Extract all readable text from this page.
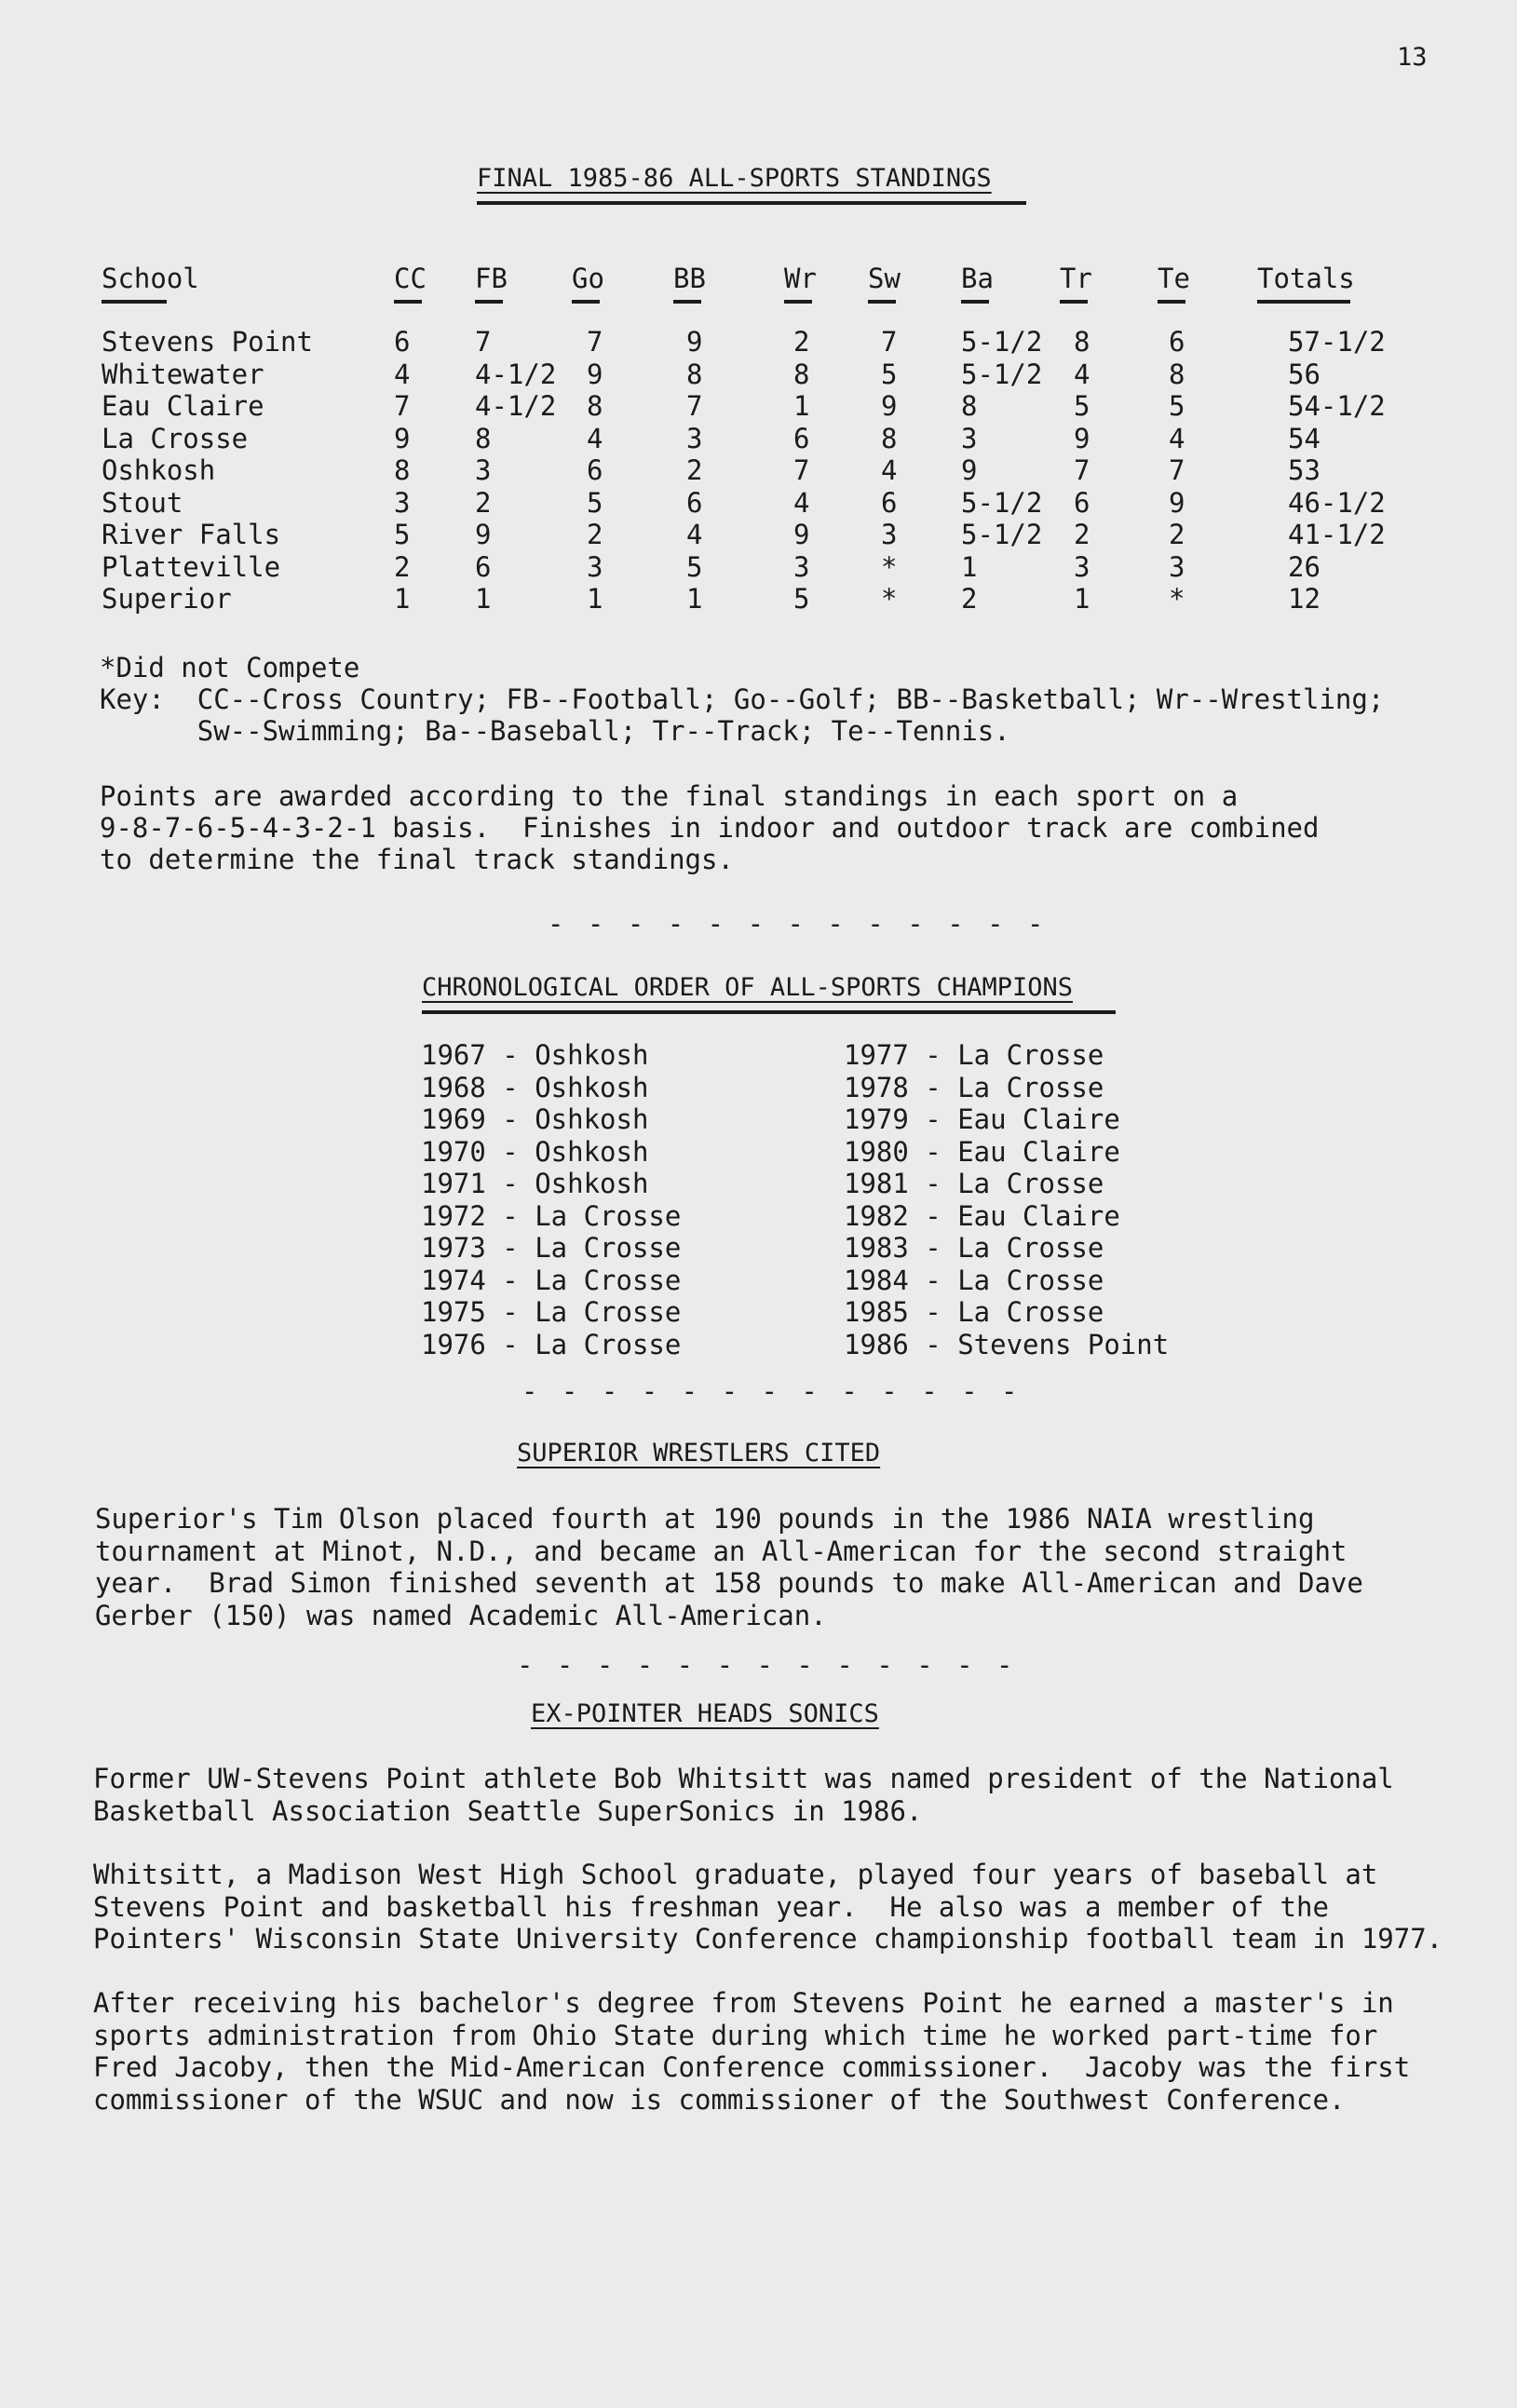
13
FINAL 1985-86 ALL-SPORTS STANDINGS
School	CC FB Go	BB	Wr Sw Ba Tr Te Totals
Stevens Point	6 7	7	9	2	7 5-1/2 8	6	57-1/2
Whitewater	4 4-1/2 9	8	8	5 5-1/2 4	8	56
Eau Claire	7 4-1/2 8	7	1	9 8	5	5	54-1/2
La Crosse	9 8	4	3	6	8 3	9	4	54
Oshkosh	8 3	6	2	7	4 9	7	7	53
Stout	3 2	5	6	4	6 5-1/2 6	9	46-1/2
River Falls	5 9	2	4	9	3 5-1/2 2	2	41-1/2
Platteville	2 6	3	5	3	* 1	3	3	26
Superior	1 1	1	1	5	* 2	1	*	12
*Did not Compete
Key:  CC--Cross Country; FB--Football; Go--Golf; BB--Basketball; Wr--Wrestling;
Sw--Swimming; Ba--Baseball; Tr--Track; Te--Tennis.
Points are awarded according to the final standings in each sport on a
9-8-7-6-5-4-3-2-1 basis.  Finishes in indoor and outdoor track are combined
to determine the final track standings.
- - - - - - - - - - - - -
CHRONOLOGICAL ORDER OF ALL-SPORTS CHAMPIONS
1967 - Oshkosh
1968 - Oshkosh
1969 - Oshkosh
1970 - Oshkosh
1971 - Oshkosh
1972 - La Crosse
1973 - La Crosse
1974 - La Crosse
1975 - La Crosse
1976 - La Crosse
1977 - La Crosse
1978 - La Crosse
1979 - Eau Claire
1980 - Eau Claire
1981 - La Crosse
1982 - Eau Claire
1983 - La Crosse
1984 - La Crosse
1985 - La Crosse
1986 - Stevens Point
- - - - - - - - - - - - -
SUPERIOR WRESTLERS CITED
Superior's Tim Olson placed fourth at 190 pounds in the 1986 NAIA wrestling
tournament at Minot, N.D., and became an All-American for the second straight
year.  Brad Simon finished seventh at 158 pounds to make All-American and Dave
Gerber (150) was named Academic All-American.
- - - - - - - - - - - - -
EX-POINTER HEADS SONICS
Former UW-Stevens Point athlete Bob Whitsitt was named president of the National
Basketball Association Seattle SuperSonics in 1986.
Whitsitt, a Madison West High School graduate, played four years of baseball at
Stevens Point and basketball his freshman year.  He also was a member of the
Pointers' Wisconsin State University Conference championship football team in 1977.
After receiving his bachelor's degree from Stevens Point he earned a master's in
sports administration from Ohio State during which time he worked part-time for
Fred Jacoby, then the Mid-American Conference commissioner.  Jacoby was the first
commissioner of the WSUC and now is commissioner of the Southwest Conference.
